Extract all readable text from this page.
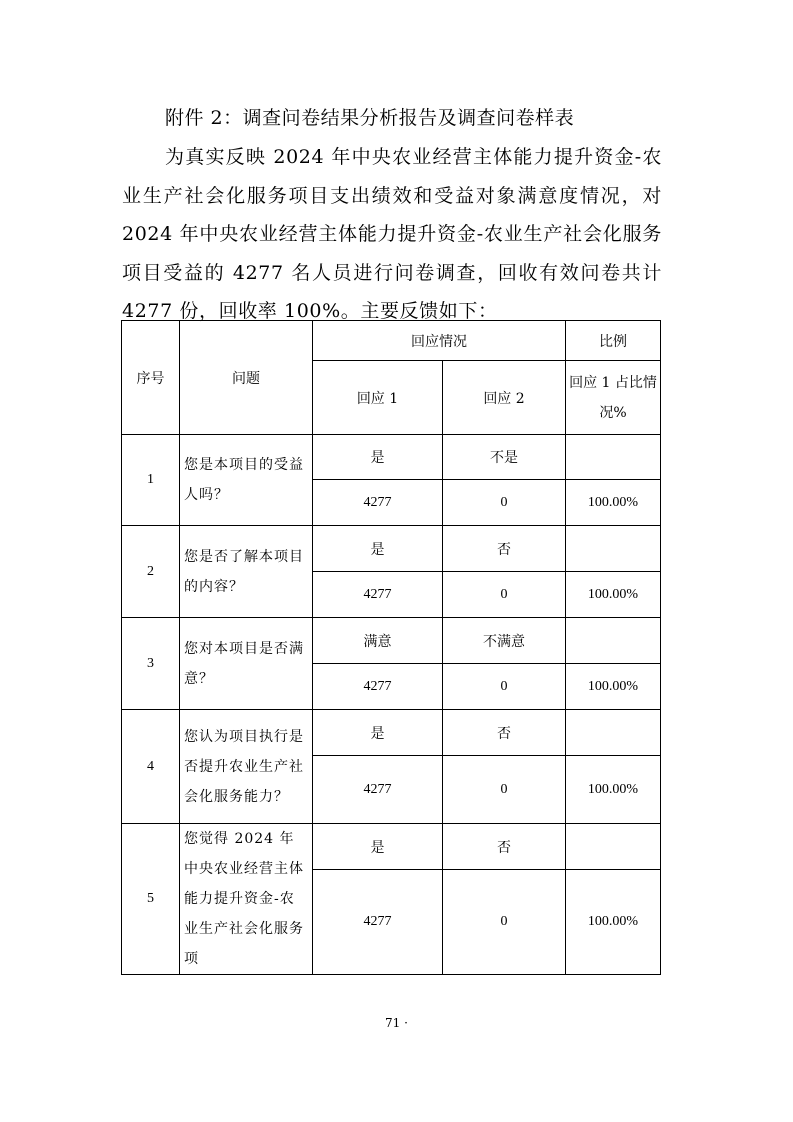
附件 2：调查问卷结果分析报告及调查问卷样表
为真实反映 2024 年中央农业经营主体能力提升资金-农业生产社会化服务项目支出绩效和受益对象满意度情况，对 2024 年中央农业经营主体能力提升资金-农业生产社会化服务项目受益的 4277 名人员进行问卷调查，回收有效问卷共计 4277 份，回收率 100%。主要反馈如下：
序号	问题	回应情况		比例
		回应 1	回应 2	回应 1 占比情况%
1	您是本项目的受益人吗？	是	不是	
		4277	0	100.00%
2	您是否了解本项目的内容？	是	否	
		4277	0	100.00%
3	您对本项目是否满意？	满意	不满意	
		4277	0	100.00%
4	您认为项目执行是否提升农业生产社会化服务能力？	是	否	
		4277	0	100.00%
5	您觉得 2024 年中央农业经营主体能力提升资金-农业生产社会化服务项	是	否	
		4277	0	100.00%
71 ·
